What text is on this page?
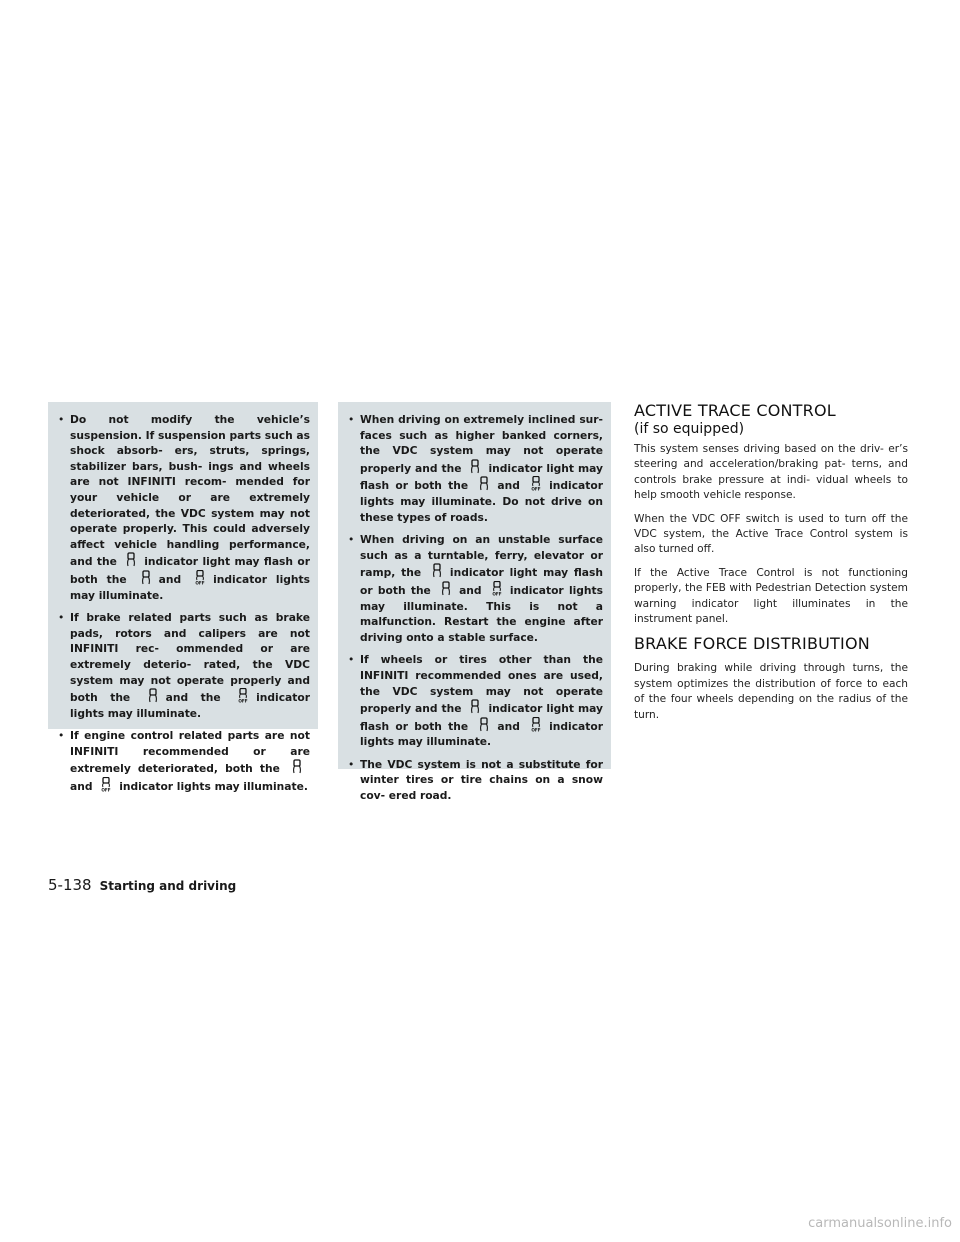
• Do not modify the vehicle’s suspension. If suspension parts such as shock absorb- ers, struts, springs, stabilizer bars, bush- ings and wheels are not INFINITI recom- mended for your vehicle or are extremely deteriorated, the VDC system may not operate properly. This could adversely affect vehicle handling performance, and the	indicator light may flash or both the	and	indicator lights may illuminate.
• If brake related parts such as brake pads, rotors and calipers are not INFINITI rec- ommended or are extremely deterio- rated, the VDC system may not operate properly and both the	and the	indicator lights may illuminate.
• If engine control related parts are not INFINITI recommended or are extremely deteriorated, both the
and indicator lights may illuminate.
• When driving on extremely inclined sur- faces such as higher banked corners, the VDC system may not operate properly and the	indicator light may flash or both the	and	indicator lights may illuminate. Do not drive on these types of roads.
• When driving on an unstable surface such as a turntable, ferry, elevator or ramp, the	indicator light may flash or both the	and	indicator lights may illuminate. This is not a malfunction. Restart the engine after driving onto a stable surface.
• If wheels or tires other than the INFINITI recommended ones are used, the VDC system may not operate properly and the	indicator light may flash or both the	and	indicator lights may illuminate.
• The VDC system is not a substitute for winter tires or tire chains on a snow cov- ered road.
ACTIVE TRACE CONTROL
(if so equipped)

This system senses driving based on the driv- er’s steering and acceleration/braking pat- terns, and controls brake pressure at indi- vidual wheels to help smooth vehicle response.

When the VDC OFF switch is used to turn off the VDC system, the Active Trace Control system is also turned off.

If the Active Trace Control is not functioning properly, the FEB with Pedestrian Detection system warning indicator light illuminates in the instrument panel.

BRAKE FORCE DISTRIBUTION

During braking while driving through turns, the system optimizes the distribution of force to each of the four wheels depending on the radius of the turn.

5-138 Starting and driving
carmanualsonline.info
